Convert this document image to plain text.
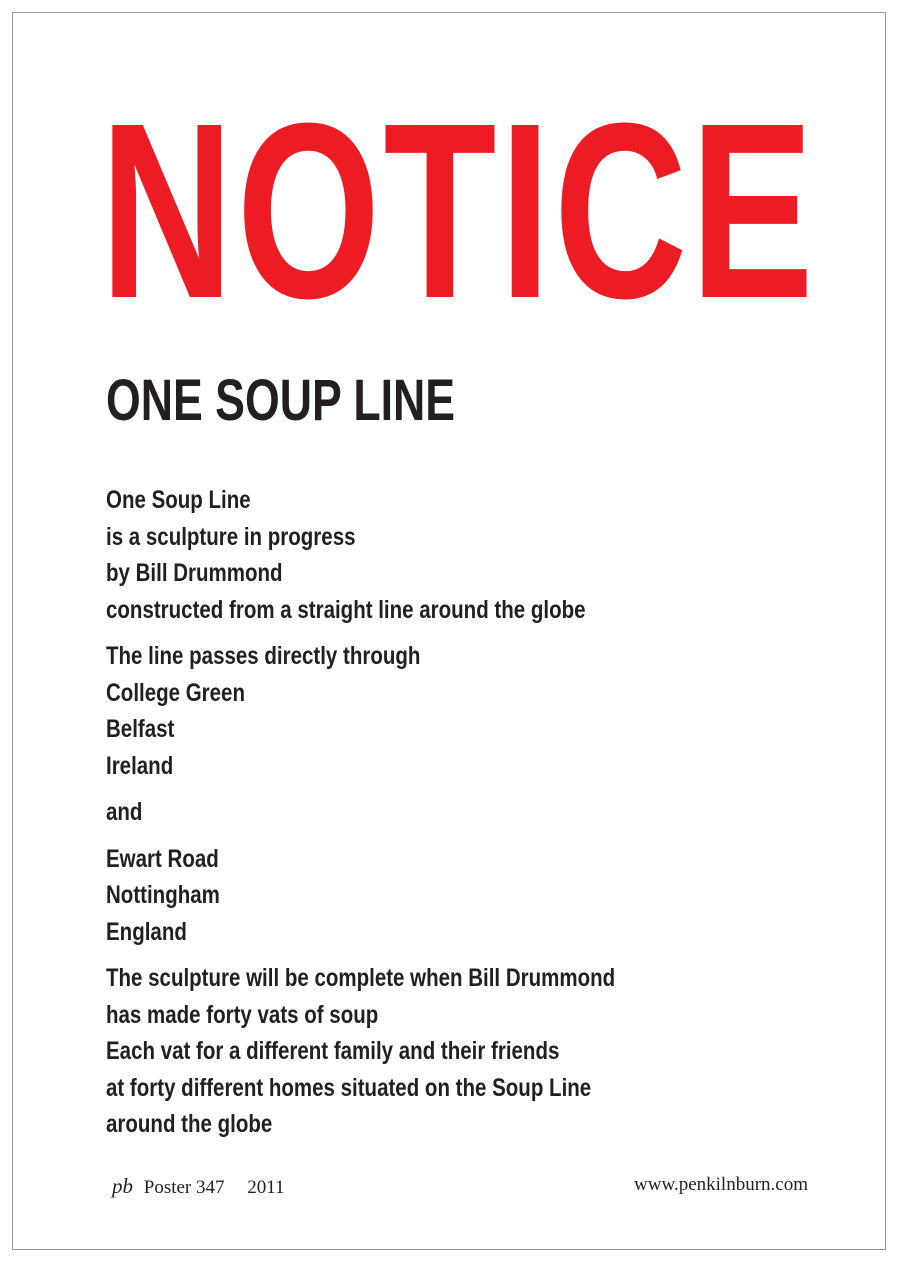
NOTICE
ONE SOUP LINE
One Soup Line
is a sculpture in progress
by Bill Drummond
constructed from a straight line around the globe
The line passes directly through
College Green
Belfast
Ireland
and
Ewart Road
Nottingham
England
The sculpture will be complete when Bill Drummond
has made forty vats of soup
Each vat for a different family and their friends
at forty different homes situated on the Soup Line
around the globe
pb Poster 347 2011	www.penkilnburn.com
